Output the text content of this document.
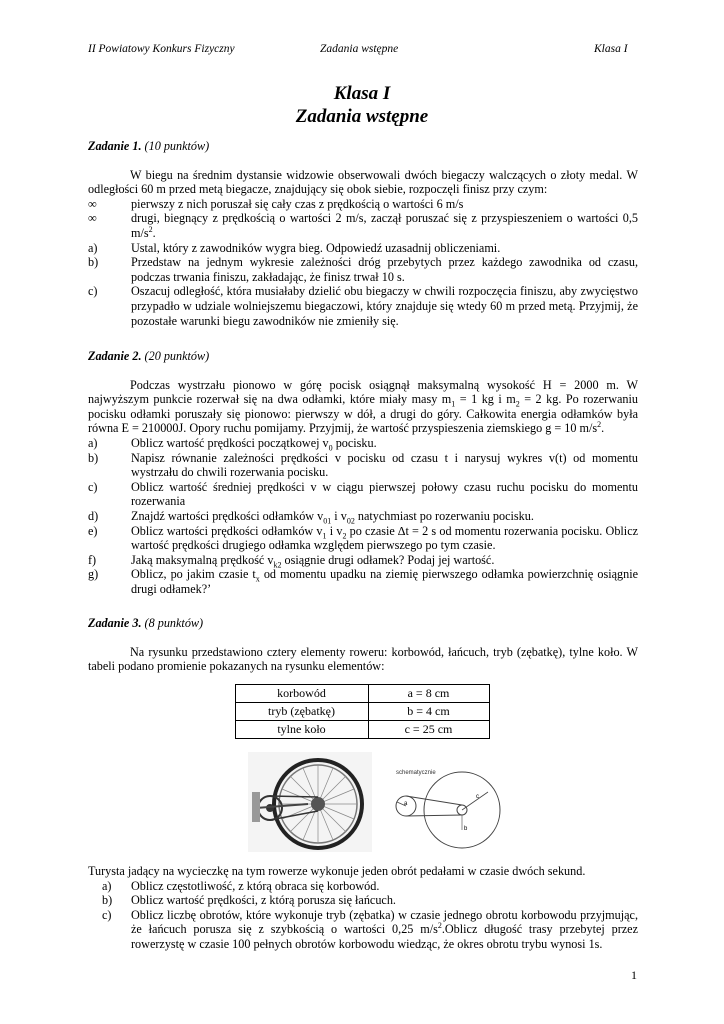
II Powiatowy Konkurs Fizyczny	Zadania wstępne	Klasa I
Klasa I
Zadania wstępne

Zadanie 1. (10 punktów)

W biegu na średnim dystansie widzowie obserwowali dwóch biegaczy walczących o złoty medal. W odległości 60 m przed metą biegacze, znajdujący się obok siebie, rozpoczęli finisz przy czym:

∞	pierwszy z nich poruszał się cały czas z prędkością o wartości 6 m/s
∞	drugi, biegnący z prędkością o wartości 2 m/s, zaczął poruszać się z przyspieszeniem o wartości 0,5 $m/s^2$.
a)	Ustal, który z zawodników wygra bieg. Odpowiedź uzasadnij obliczeniami.
b)	Przedstaw na jednym wykresie zależności dróg przebytych przez każdego zawodnika od czasu, podczas trwania finiszu, zakładając, że finisz trwał 10 s.
c)	Oszacuj odległość, która musiałaby dzielić obu biegaczy w chwili rozpoczęcia finiszu, aby zwycięstwo przypadło w udziale wolniejszemu biegaczowi, który znajduje się wtedy 60 m przed metą. Przyjmij, że pozostałe warunki biegu zawodników nie zmieniły się.

Zadanie 2. (20 punktów)

Podczas wystrzału pionowo w górę pocisk osiągnął maksymalną wysokość H = 2000 m. W najwyższym punkcie rozerwał się na dwa odłamki, które miały masy $m_1 = 1$ kg i $m_2 = 2$ kg. Po rozerwaniu pocisku odłamki poruszały się pionowo: pierwszy w dół, a drugi do góry. Całkowita energia odłamków była równa E = 210000J. Opory ruchu pomijamy. Przyjmij, że wartość przyspieszenia ziemskiego g = 10 $m/s^2$.

a)	Oblicz wartość prędkości początkowej $v_0$ pocisku.
b)	Napisz równanie zależności prędkości v pocisku od czasu t i narysuj wykres v(t) od momentu wystrzału do chwili rozerwania pocisku.
c)	Oblicz wartość średniej prędkości v w ciągu pierwszej połowy czasu ruchu pocisku do momentu rozerwania
d)	Znajdź wartości prędkości odłamków $v_{01}$ i $v_{02}$ natychmiast po rozerwaniu pocisku.
e)	Oblicz wartości prędkości odłamków $v_1$ i $v_2$ po czasie ∆t = 2 s od momentu rozerwania pocisku. Oblicz wartość prędkości drugiego odłamka względem pierwszego po tym czasie.
f)	Jaką maksymalną prędkość $v_{k2}$ osiągnie drugi odłamek? Podaj jej wartość.
g)	Oblicz, po jakim czasie $t_x$ od momentu upadku na ziemię pierwszego odłamka powierzchnię osiągnie drugi odłamek?’

Zadanie 3. (8 punktów)

Na rysunku przedstawiono cztery elementy roweru: korbowód, łańcuch, tryb (zębatkę), tylne koło. W tabeli podano promienie pokazanych na rysunku elementów:

korbowód	a = 8 cm
tryb (zębatkę)	b = 4 cm
tylne koło	c = 25 cm
schematycznie
a
c
b

Turysta jadący na wycieczkę na tym rowerze wykonuje jeden obrót pedałami w czasie dwóch sekund.

a)	Oblicz częstotliwość, z którą obraca się korbowód.
b)	Oblicz wartość prędkości, z którą porusza się łańcuch.
c)	Oblicz liczbę obrotów, które wykonuje tryb (zębatka) w czasie jednego obrotu korbowodu przyjmując, że łańcuch porusza się z szybkością o wartości 0,25 $m/s^2.Oblicz$ długość trasy przebytej przez rowerzystę w czasie 100 pełnych obrotów korbowodu wiedząc, że okres obrotu trybu wynosi 1s.
1
